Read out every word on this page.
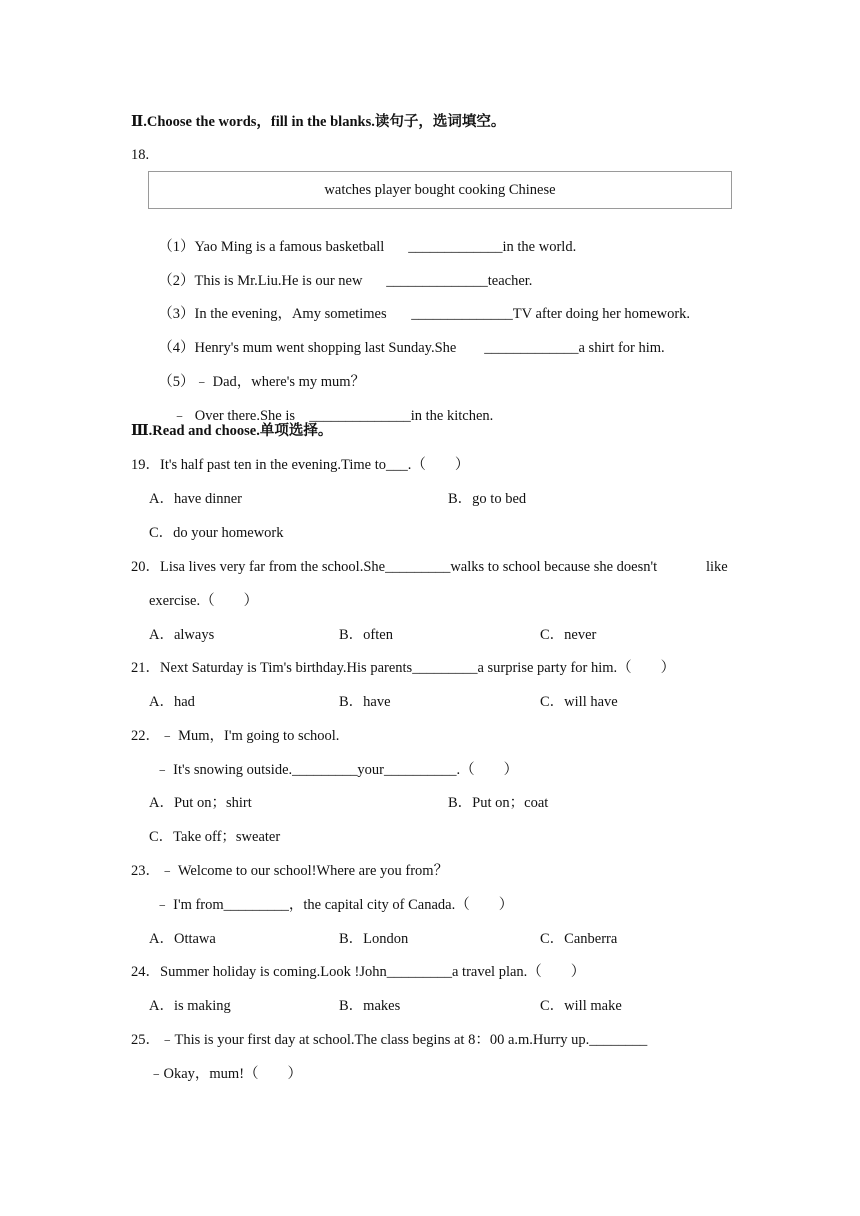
Ⅱ.Choose the words，fill in the blanks.读句子，选词填空。
18.
watches player bought cooking Chinese

（1）Yao Ming is a famous basketball	_____________in the world.

（2）This is Mr.Liu.He is our new	______________teacher.

（3）In the evening，Amy sometimes	______________TV after doing her homework.

（4）Henry's mum went shopping last Sunday.She	_____________a shirt for him.

（5）﹣ Dad，where's my mum？

﹣ Over there.She is ______________in the kitchen.

Ⅲ.Read and choose.单项选择。
19．It's half past ten in the evening.Time to___.（　　）
A．have dinner	B．go to bed
C．do your homework
20．Lisa lives very far from the school.She_________walks to school because she doesn't	like
exercise.（　　）
A．always	B．often	C．never
21．Next Saturday is Tim's birthday.His parents_________a surprise party for him.（　　）
A．had	B．have	C．will have
22．﹣ Mum，I'm going to school.
﹣ It's snowing outside._________your__________.（　　）
A．Put on；shirt	B．Put on；coat
C．Take off；sweater
23．﹣ Welcome to our school!Where are you from？
﹣ I'm from_________，the capital city of Canada.（　　）
A．Ottawa	B．London	C．Canberra
24．Summer holiday is coming.Look !John_________a travel plan.（　　）
A．is making	B．makes	C．will make
25．﹣This is your first day at school.The class begins at 8：00 a.m.Hurry up.________
﹣Okay，mum!（　　）
